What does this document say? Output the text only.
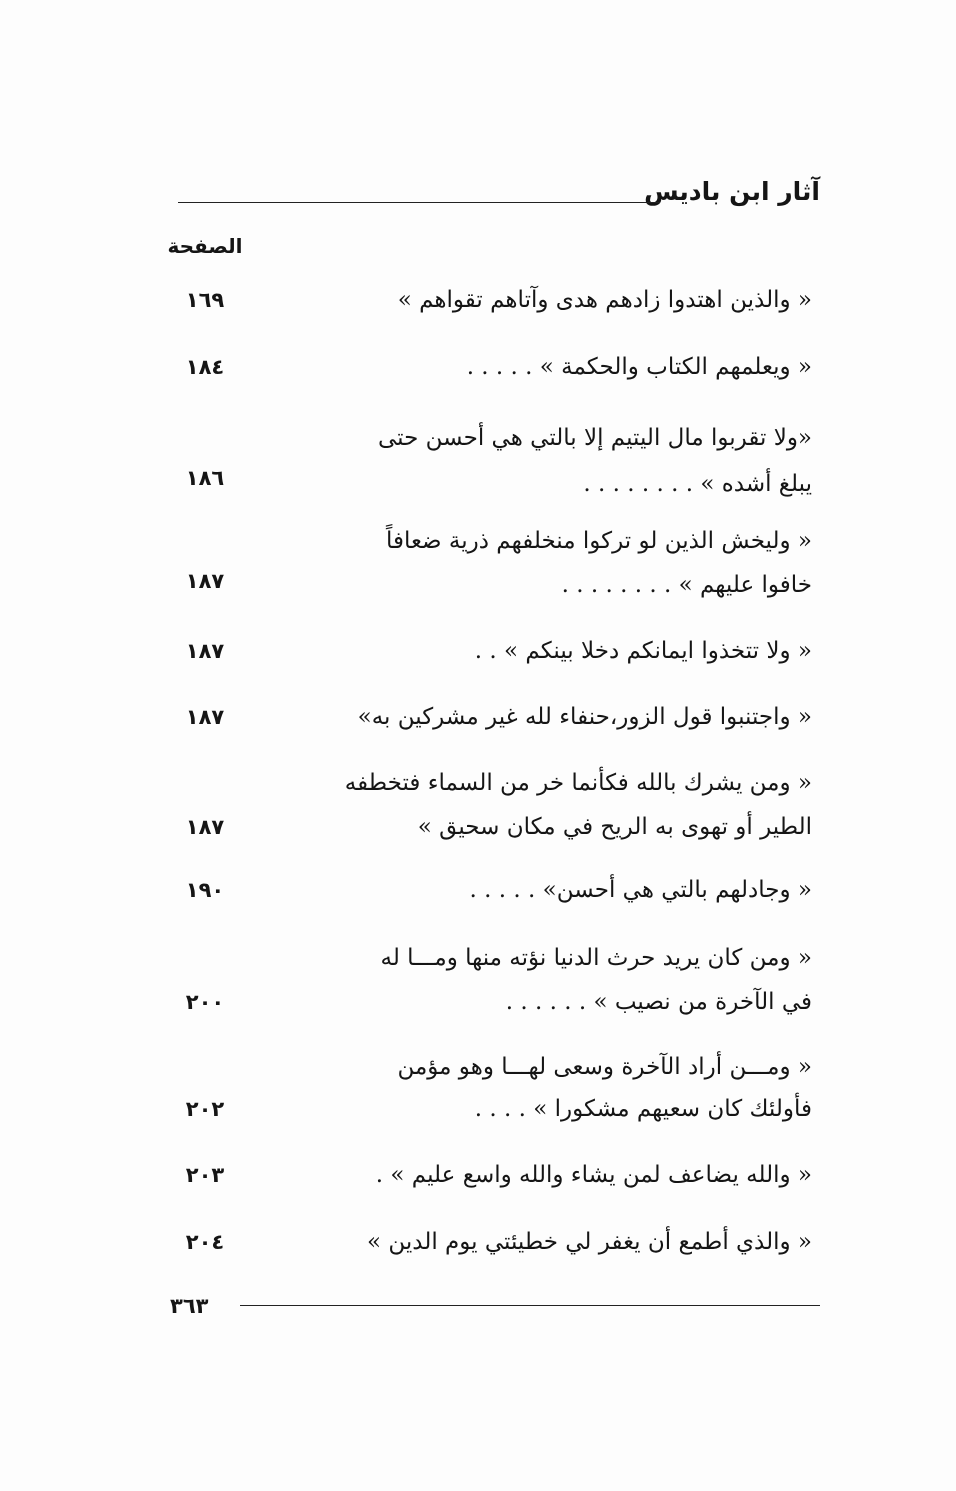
آثار ابن باديس
الصفحة
« والذين اهتدوا زادهم هدى وآتاهم تقواهم »
١٦٩
« ويعلمهم الكتاب والحكمة » . . . . .
١٨٤
«ولا تقربوا مال اليتيم إلا بالتي هي أحسن حتى
يبلغ أشده » . . . . . . . .
١٨٦
« وليخش الذين لو تركوا منخلفهم ذرية ضعافاً
خافوا عليهم » . . . . . . . .
١٨٧
« ولا تتخذوا ايمانكم دخلا بينكم » . .
١٨٧
« واجتنبوا قول الزور،حنفاء لله غير مشركين به»
١٨٧
« ومن يشرك بالله فكأنما خر من السماء فتخطفه
الطير أو تهوى به الريح في مكان سحيق »
١٨٧
« وجادلهم بالتي هي أحسن» . . . . .
١٩٠
« ومن كان يريد حرث الدنيا نؤته منها ومـــا له
في الآخرة من نصيب » . . . . . .
٢٠٠
« ومـــن أراد الآخرة وسعى لهـــا وهو مؤمن
فأولئك كان سعيهم مشكورا » . . . .
٢٠٢
« والله يضاعف لمن يشاء والله واسع عليم » .
٢٠٣
« والذي أطمع أن يغفر لي خطيئتي يوم الدين »
٢٠٤
٣٦٣
